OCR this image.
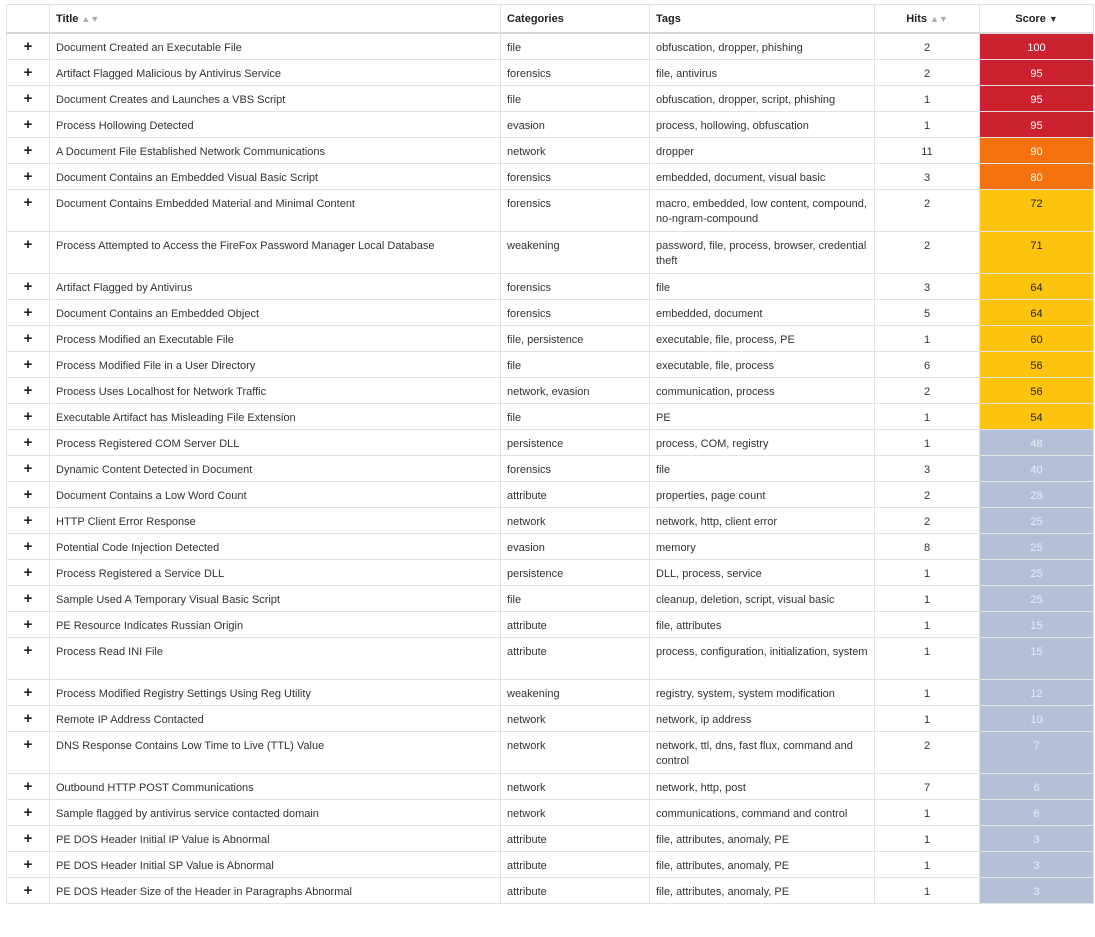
	Title ▲▼	Categories	Tags	Hits ▲▼	Score ▼
+	Document Created an Executable File	file	obfuscation, dropper, phishing	2	100
+	Artifact Flagged Malicious by Antivirus Service	forensics	file, antivirus	2	95
+	Document Creates and Launches a VBS Script	file	obfuscation, dropper, script, phishing	1	95
+	Process Hollowing Detected	evasion	process, hollowing, obfuscation	1	95
+	A Document File Established Network Communications	network	dropper	11	90
+	Document Contains an Embedded Visual Basic Script	forensics	embedded, document, visual basic	3	80
+	Document Contains Embedded Material and Minimal Content	forensics	macro, embedded, low content, compound, no-ngram-compound	2	72
+	Process Attempted to Access the FireFox Password Manager Local Database	weakening	password, file, process, browser, credential theft	2	71
+	Artifact Flagged by Antivirus	forensics	file	3	64
+	Document Contains an Embedded Object	forensics	embedded, document	5	64
+	Process Modified an Executable File	file, persistence	executable, file, process, PE	1	60
+	Process Modified File in a User Directory	file	executable, file, process	6	56
+	Process Uses Localhost for Network Traffic	network, evasion	communication, process	2	56
+	Executable Artifact has Misleading File Extension	file	PE	1	54
+	Process Registered COM Server DLL	persistence	process, COM, registry	1	48
+	Dynamic Content Detected in Document	forensics	file	3	40
+	Document Contains a Low Word Count	attribute	properties, page count	2	28
+	HTTP Client Error Response	network	network, http, client error	2	25
+	Potential Code Injection Detected	evasion	memory	8	25
+	Process Registered a Service DLL	persistence	DLL, process, service	1	25
+	Sample Used A Temporary Visual Basic Script	file	cleanup, deletion, script, visual basic	1	25
+	PE Resource Indicates Russian Origin	attribute	file, attributes	1	15
+	Process Read INI File	attribute	process, configuration, initialization, system	1	15
+	Process Modified Registry Settings Using Reg Utility	weakening	registry, system, system modification	1	12
+	Remote IP Address Contacted	network	network, ip address	1	10
+	DNS Response Contains Low Time to Live (TTL) Value	network	network, ttl, dns, fast flux, command and control	2	7
+	Outbound HTTP POST Communications	network	network, http, post	7	6
+	Sample flagged by antivirus service contacted domain	network	communications, command and control	1	6
+	PE DOS Header Initial IP Value is Abnormal	attribute	file, attributes, anomaly, PE	1	3
+	PE DOS Header Initial SP Value is Abnormal	attribute	file, attributes, anomaly, PE	1	3
+	PE DOS Header Size of the Header in Paragraphs Abnormal	attribute	file, attributes, anomaly, PE	1	3
